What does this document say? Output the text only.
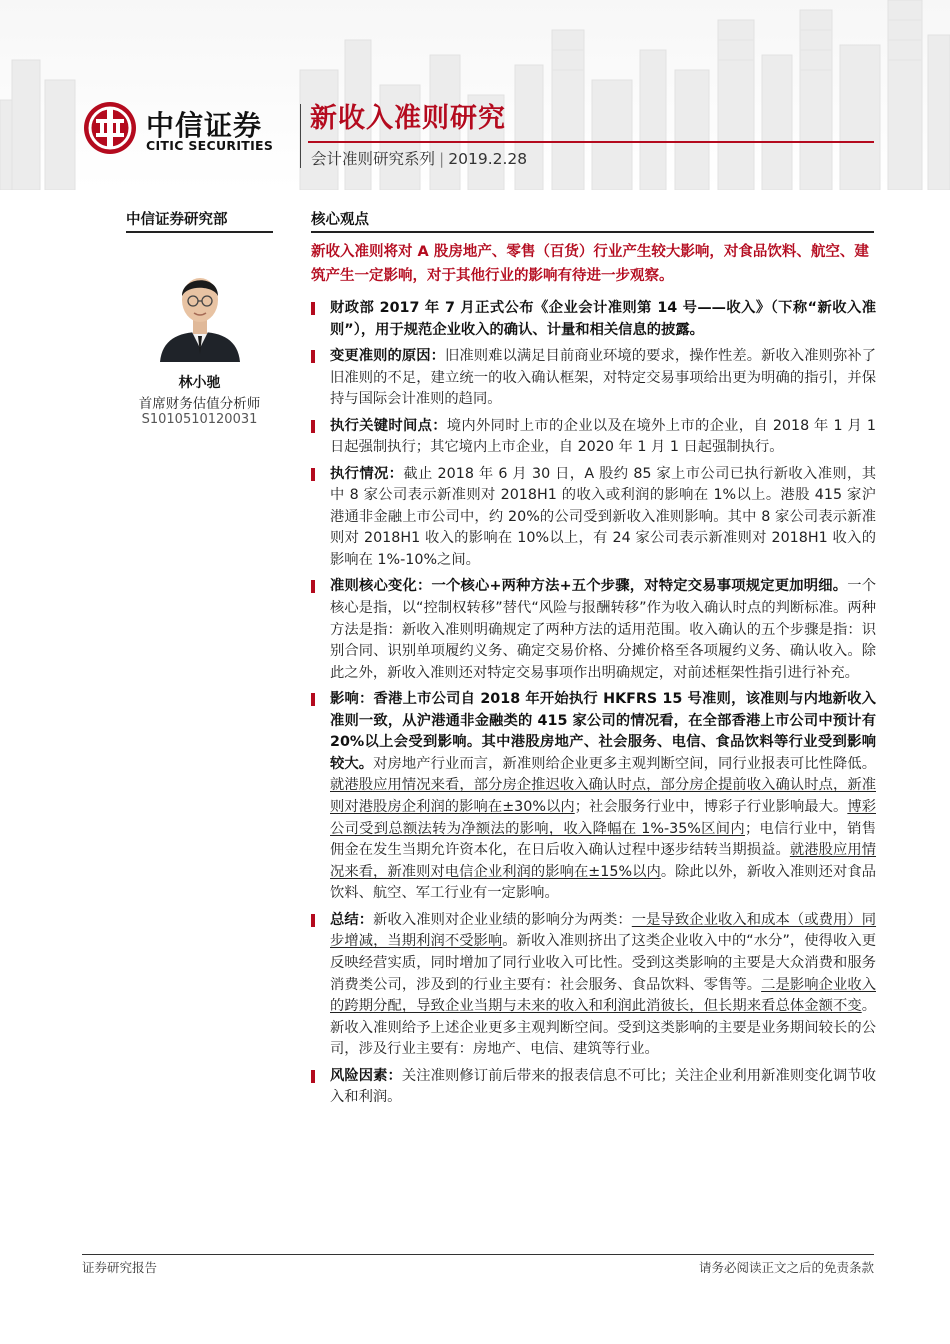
中信证券
CITIC SECURITIES
新收入准则研究
会计准则研究系列 | 2019.2.28
中信证券研究部
林小驰
首席财务估值分析师
S1010510120031
核心观点
新收入准则将对 A 股房地产、零售（百货）行业产生较大影响，对食品饮料、航空、建筑产生一定影响，对于其他行业的影响有待进一步观察。
财政部 2017 年 7 月正式公布《企业会计准则第 14 号——收入》（下称“新收入准则”），用于规范企业收入的确认、计量和相关信息的披露。
变更准则的原因：旧准则难以满足目前商业环境的要求，操作性差。新收入准则弥补了旧准则的不足，建立统一的收入确认框架，对特定交易事项给出更为明确的指引，并保持与国际会计准则的趋同。
执行关键时间点：境内外同时上市的企业以及在境外上市的企业，自 2018 年 1 月 1 日起强制执行；其它境内上市企业，自 2020 年 1 月 1 日起强制执行。
执行情况：截止 2018 年 6 月 30 日，A 股约 85 家上市公司已执行新收入准则，其中 8 家公司表示新准则对 2018H1 的收入或利润的影响在 1%以上。港股 415 家沪港通非金融上市公司中，约 20%的公司受到新收入准则影响。其中 8 家公司表示新准则对 2018H1 收入的影响在 10%以上，有 24 家公司表示新准则对 2018H1 收入的影响在 1%-10%之间。
准则核心变化：一个核心+两种方法+五个步骤，对特定交易事项规定更加明细。一个核心是指，以“控制权转移”替代“风险与报酬转移”作为收入确认时点的判断标准。两种方法是指：新收入准则明确规定了两种方法的适用范围。收入确认的五个步骤是指：识别合同、识别单项履约义务、确定交易价格、分摊价格至各项履约义务、确认收入。除此之外，新收入准则还对特定交易事项作出明确规定，对前述框架性指引进行补充。
影响：香港上市公司自 2018 年开始执行 HKFRS 15 号准则，该准则与内地新收入准则一致，从沪港通非金融类的 415 家公司的情况看，在全部香港上市公司中预计有 20%以上会受到影响。其中港股房地产、社会服务、电信、食品饮料等行业受到影响较大。对房地产行业而言，新准则给企业更多主观判断空间，同行业报表可比性降低。就港股应用情况来看，部分房企推迟收入确认时点，部分房企提前收入确认时点，新准则对港股房企利润的影响在±30%以内；社会服务行业中，博彩子行业影响最大。博彩公司受到总额法转为净额法的影响，收入降幅在 1%-35%区间内；电信行业中，销售佣金在发生当期允许资本化，在日后收入确认过程中逐步结转当期损益。就港股应用情况来看，新准则对电信企业利润的影响在±15%以内。除此以外，新收入准则还对食品饮料、航空、军工行业有一定影响。
总结：新收入准则对企业业绩的影响分为两类：一是导致企业收入和成本（或费用）同步增减，当期利润不受影响。新收入准则挤出了这类企业收入中的“水分”，使得收入更反映经营实质，同时增加了同行业收入可比性。受到这类影响的主要是大众消费和服务消费类公司，涉及到的行业主要有：社会服务、食品饮料、零售等。二是影响企业收入的跨期分配，导致企业当期与未来的收入和利润此消彼长，但长期来看总体金额不变。新收入准则给予上述企业更多主观判断空间。受到这类影响的主要是业务期间较长的公司，涉及行业主要有：房地产、电信、建筑等行业。
风险因素：关注准则修订前后带来的报表信息不可比；关注企业利用新准则变化调节收入和利润。
证券研究报告	请务必阅读正文之后的免责条款
